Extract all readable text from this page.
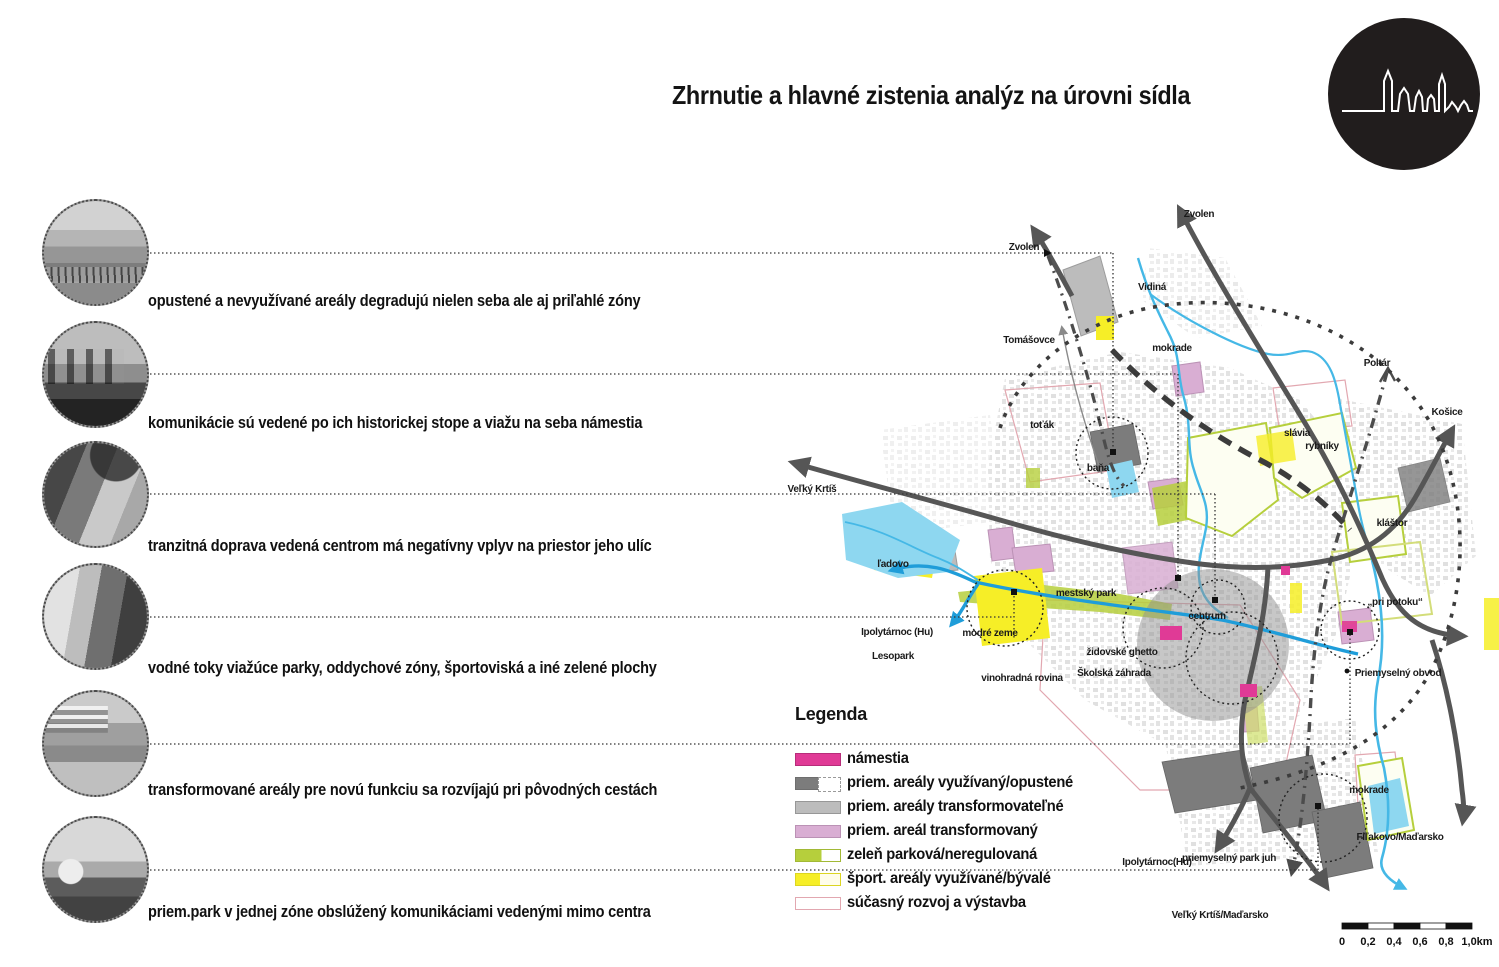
0 0,2 0,4 0,6 0,8 1,0km
Zvolen
Zvolen
Vidiná
Tomášovce
mokrade
Poltár
Košice
toťák
slávia
rybníky
baňa
Veľký Krtíš
kláštor
ľadovo
mestský park
„pri potoku“
centrum
Ipolytárnoc (Hu)	modré zeme
Lesopark	židovské ghetto
Školská záhrada
vinohradná rovina	Priemyselný obvod
mokrade
Fiľakovo/Maďarsko
Ipolytárnoc(Hu)
priemyselný park juh
Veľký Krtíš/Maďarsko
Zhrnutie a hlavné zistenia analýz na úrovni sídla
opustené a nevyužívané areály degradujú nielen seba ale aj priľahlé zóny
komunikácie sú vedené po ich historickej stope a viažu na seba námestia
tranzitná doprava vedená centrom má negatívny vplyv na priestor jeho ulíc
vodné toky viažúce parky, oddychové zóny, športoviská a iné zelené plochy
transformované areály pre novú funkciu sa rozvíjajú pri pôvodných cestách
priem.park v jednej zóne obslúžený komunikáciami vedenými mimo centra
Legenda
námestia
priem. areály využívaný/opustené
priem. areály transformovateľné
priem. areál transformovaný
zeleň parková/neregulovaná
šport. areály využívané/bývalé
súčasný rozvoj a výstavba
